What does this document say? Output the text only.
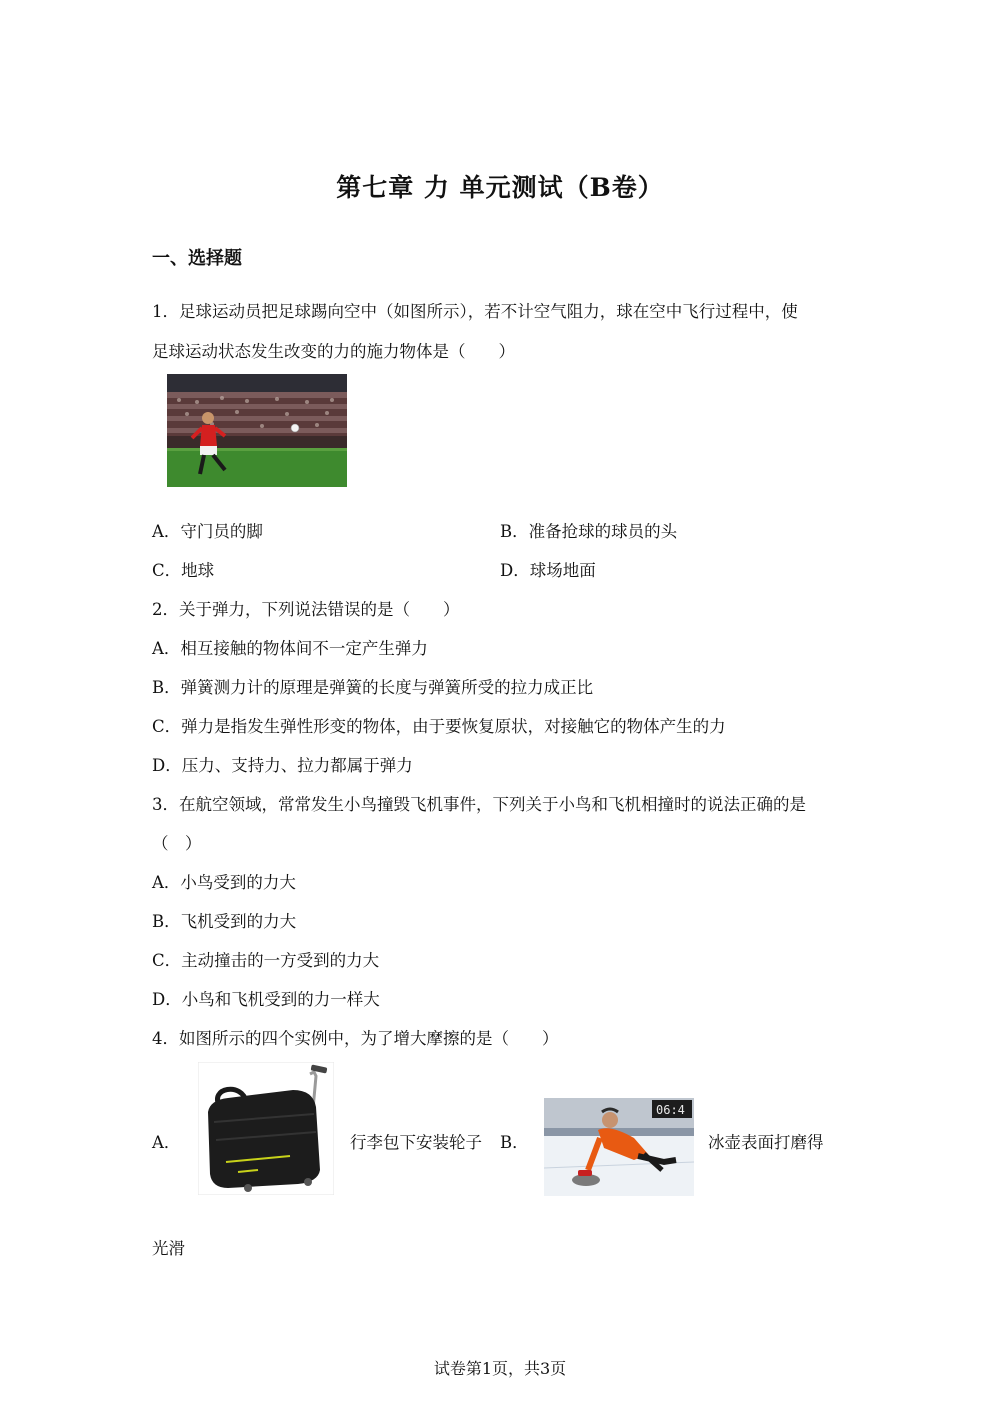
第七章 力 单元测试（B卷）
一、选择题
1．足球运动员把足球踢向空中（如图所示），若不计空气阻力，球在空中飞行过程中，使
足球运动状态发生改变的力的施力物体是（　　）
A．守门员的脚	B．准备抢球的球员的头
C．地球	D．球场地面
2．关于弹力，下列说法错误的是（　　）
A．相互接触的物体间不一定产生弹力
B．弹簧测力计的原理是弹簧的长度与弹簧所受的拉力成正比
C．弹力是指发生弹性形变的物体，由于要恢复原状，对接触它的物体产生的力
D．压力、支持力、拉力都属于弹力
3．在航空领域，常常发生小鸟撞毁飞机事件，下列关于小鸟和飞机相撞时的说法正确的是
（　）
A．小鸟受到的力大
B．飞机受到的力大
C．主动撞击的一方受到的力大
D．小鸟和飞机受到的力一样大
4．如图所示的四个实例中，为了增大摩擦的是（　　）
A．	行李包下安装轮子 B．
06:4
冰壶表面打磨得
光滑
试卷第1页，共3页
